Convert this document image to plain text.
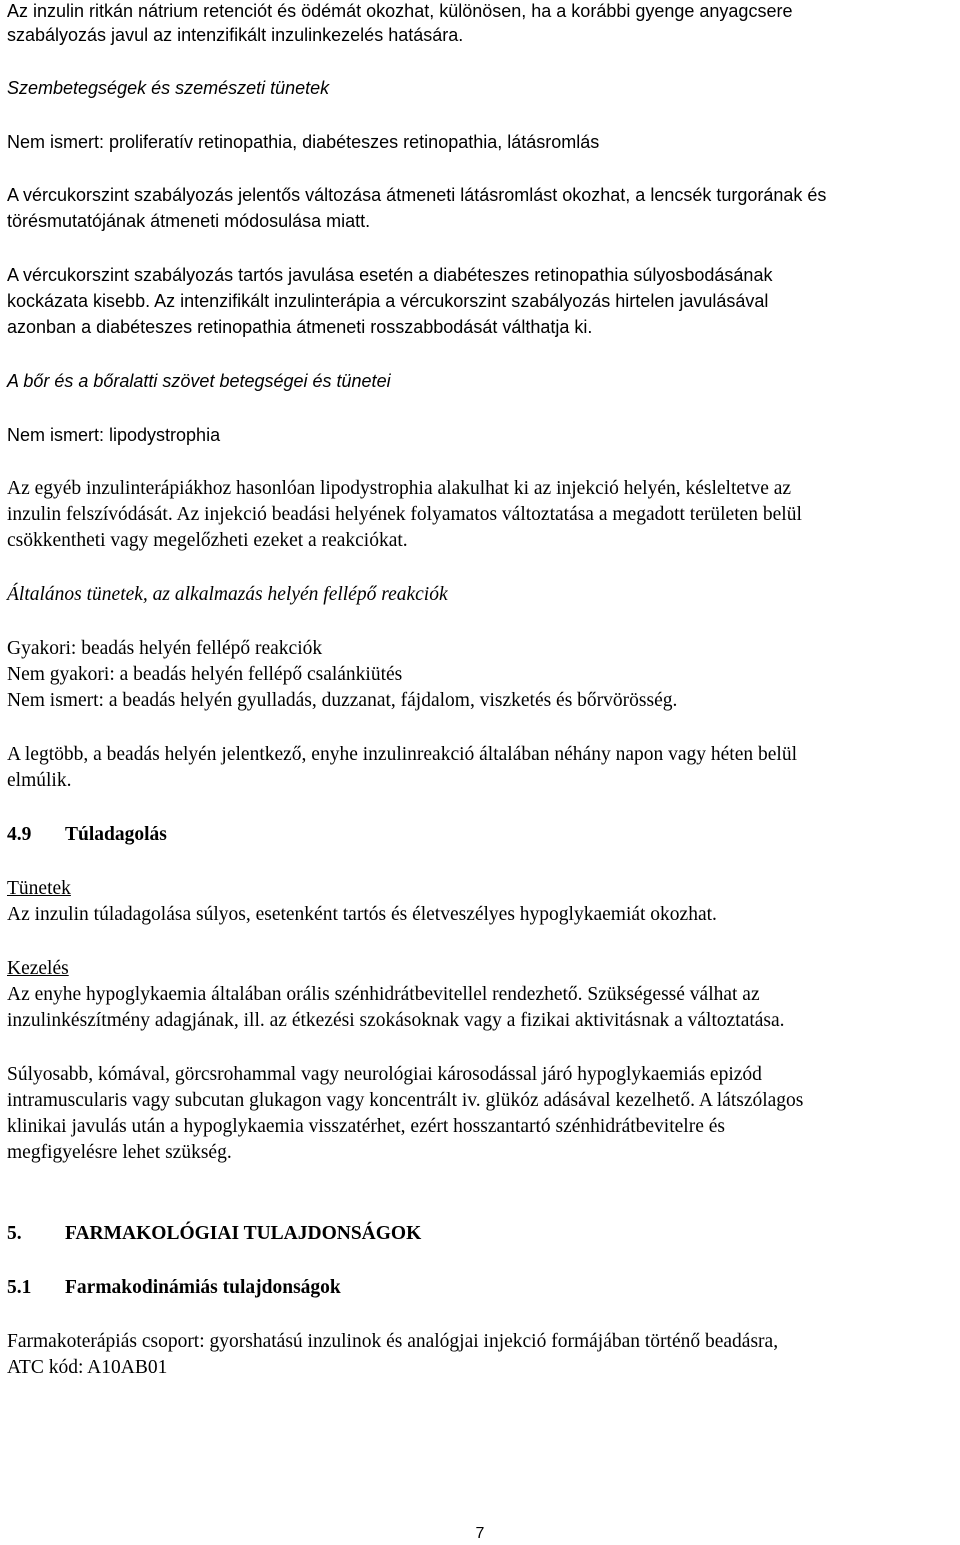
Az inzulin ritkán nátrium retenciót és ödémát okozhat, különösen, ha a korábbi gyenge anyagcsere
szabályozás javul az intenzifikált inzulinkezelés hatására.
Szembetegségek és szemészeti tünetek
Nem ismert: proliferatív retinopathia, diabéteszes retinopathia, látásromlás
A vércukorszint szabályozás jelentős változása átmeneti látásromlást okozhat, a lencsék turgorának és
törésmutatójának átmeneti módosulása miatt.
A vércukorszint szabályozás tartós javulása esetén a diabéteszes retinopathia súlyosbodásának
kockázata kisebb. Az intenzifikált inzulinterápia a vércukorszint szabályozás hirtelen javulásával
azonban a diabéteszes retinopathia átmeneti rosszabbodását válthatja ki.
A bőr és a bőralatti szövet betegségei és tünetei
Nem ismert: lipodystrophia
Az egyéb inzulinterápiákhoz hasonlóan lipodystrophia alakulhat ki az injekció helyén, késleltetve az
inzulin felszívódását. Az injekció beadási helyének folyamatos változtatása a megadott területen belül
csökkentheti vagy megelőzheti ezeket a reakciókat.
Általános tünetek, az alkalmazás helyén fellépő reakciók
Gyakori: beadás helyén fellépő reakciók
Nem gyakori: a beadás helyén fellépő csalánkiütés
Nem ismert: a beadás helyén gyulladás, duzzanat, fájdalom, viszketés és bőrvörösség.
A legtöbb, a beadás helyén jelentkező, enyhe inzulinreakció általában néhány napon vagy héten belül
elmúlik.
4.9 Túladagolás
Tünetek
Az inzulin túladagolása súlyos, esetenként tartós és életveszélyes hypoglykaemiát okozhat.
Kezelés
Az enyhe hypoglykaemia általában orális szénhidrátbevitellel rendezhető. Szükségessé válhat az
inzulinkészítmény adagjának, ill. az étkezési szokásoknak vagy a fizikai aktivitásnak a változtatása.
Súlyosabb, kómával, görcsrohammal vagy neurológiai károsodással járó hypoglykaemiás epizód
intramuscularis vagy subcutan glukagon vagy koncentrált iv. glükóz adásával kezelhető. A látszólagos
klinikai javulás után a hypoglykaemia visszatérhet, ezért hosszantartó szénhidrátbevitelre és
megfigyelésre lehet szükség.
5. FARMAKOLÓGIAI TULAJDONSÁGOK
5.1 Farmakodinámiás tulajdonságok
Farmakoterápiás csoport: gyorshatású inzulinok és analógjai injekció formájában történő beadásra,
ATC kód: A10AB01
7
